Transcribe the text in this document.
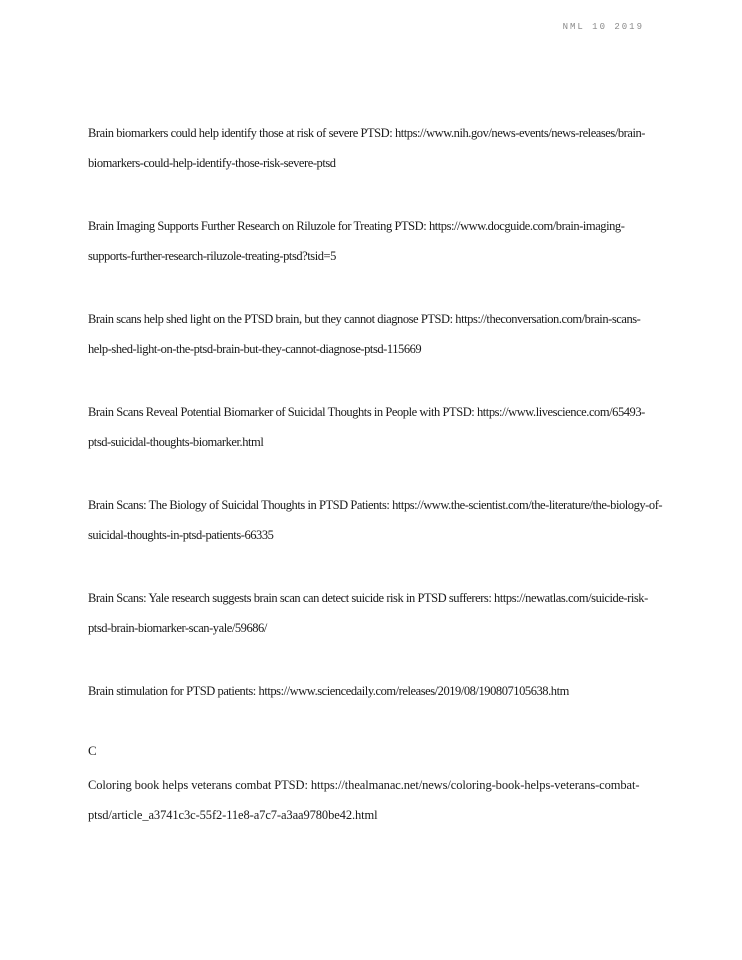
NML 10 2019

Brain biomarkers could help identify those at risk of severe PTSD: https://www.nih.gov/news-events/news-releases/brain-biomarkers-could-help-identify-those-risk-severe-ptsd

Brain Imaging Supports Further Research on Riluzole for Treating PTSD: https://www.docguide.com/brain-imaging-supports-further-research-riluzole-treating-ptsd?tsid=5

Brain scans help shed light on the PTSD brain, but they cannot diagnose PTSD: https://theconversation.com/brain-scans-help-shed-light-on-the-ptsd-brain-but-they-cannot-diagnose-ptsd-115669

Brain Scans Reveal Potential Biomarker of Suicidal Thoughts in People with PTSD: https://www.livescience.com/65493-ptsd-suicidal-thoughts-biomarker.html

Brain Scans: The Biology of Suicidal Thoughts in PTSD Patients: https://www.the-scientist.com/the-literature/the-biology-of-suicidal-thoughts-in-ptsd-patients-66335

Brain Scans: Yale research suggests brain scan can detect suicide risk in PTSD sufferers: https://newatlas.com/suicide-risk-ptsd-brain-biomarker-scan-yale/59686/

Brain stimulation for PTSD patients: https://www.sciencedaily.com/releases/2019/08/190807105638.htm

C

Coloring book helps veterans combat PTSD: https://thealmanac.net/news/coloring-book-helps-veterans-combat-ptsd/article_a3741c3c-55f2-11e8-a7c7-a3aa9780be42.html
